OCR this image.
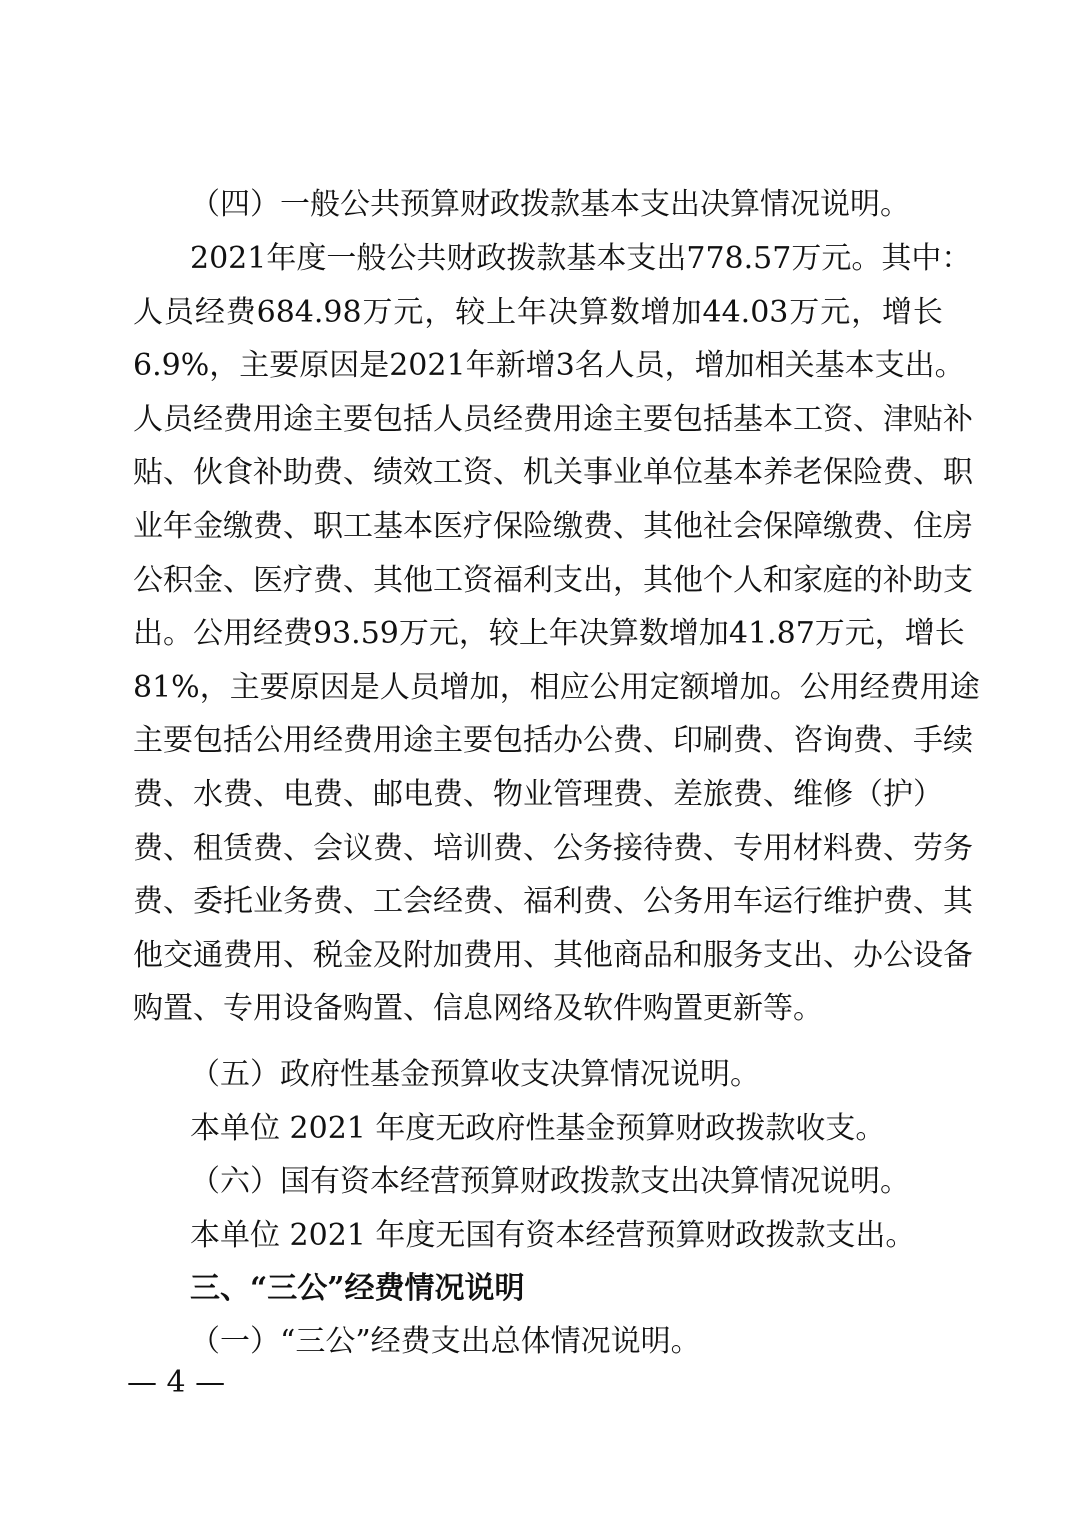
（四）一般公共预算财政拨款基本支出决算情况说明。
2021 年 度 一 般 公 共 财 政 拨 款 基 本 支 出 778.57 万 元 。 其 中 ：
人 员 经 费 684.98 万 元 ， 较 上 年 决 算 数 增 加 44.03 万 元 ， 增 长
6.9% ， 主 要 原 因 是 2021 年 新 增 3 名 人 员 ， 增 加 相 关 基 本 支 出 。
人 员 经 费 用 途 主 要 包 括 人 员 经 费 用 途 主 要 包 括 基 本 工 资 、 津 贴 补
贴 、 伙 食 补 助 费 、 绩 效 工 资 、 机 关 事 业 单 位 基 本 养 老 保 险 费 、 职
业 年 金 缴 费 、 职 工 基 本 医 疗 保 险 缴 费 、 其 他 社 会 保 障 缴 费 、 住 房
公 积 金 、 医 疗 费 、 其 他 工 资 福 利 支 出 ， 其 他 个 人 和 家 庭 的 补 助 支
出 。 公 用 经 费 93.59 万 元 ， 较 上 年 决 算 数 增 加 41.87 万 元 ， 增 长
81% ， 主 要 原 因 是 人 员 增 加 ， 相 应 公 用 定 额 增 加 。 公 用 经 费 用 途
主 要 包 括 公 用 经 费 用 途 主 要 包 括 办 公 费 、 印 刷 费 、 咨 询 费 、 手 续
费 、 水 费 、 电 费 、 邮 电 费 、 物 业 管 理 费 、 差 旅 费 、 维 修 （ 护 ）
费 、 租 赁 费 、 会 议 费 、 培 训 费 、 公 务 接 待 费 、 专 用 材 料 费 、 劳 务
费 、 委 托 业 务 费 、 工 会 经 费 、 福 利 费 、 公 务 用 车 运 行 维 护 费 、 其
他 交 通 费 用 、 税 金 及 附 加 费 用 、 其 他 商 品 和 服 务 支 出 、 办 公 设 备
购置、专用设备购置、信息网络及软件购置更新等。
（五）政府性基金预算收支决算情况说明。
本单位 2021 年度无政府性基金预算财政拨款收支。
（六）国有资本经营预算财政拨款支出决算情况说明。
本单位 2021 年度无国有资本经营预算财政拨款支出。
三、“三公”经费情况说明
（一）“三公”经费支出总体情况说明。
— 4 —
